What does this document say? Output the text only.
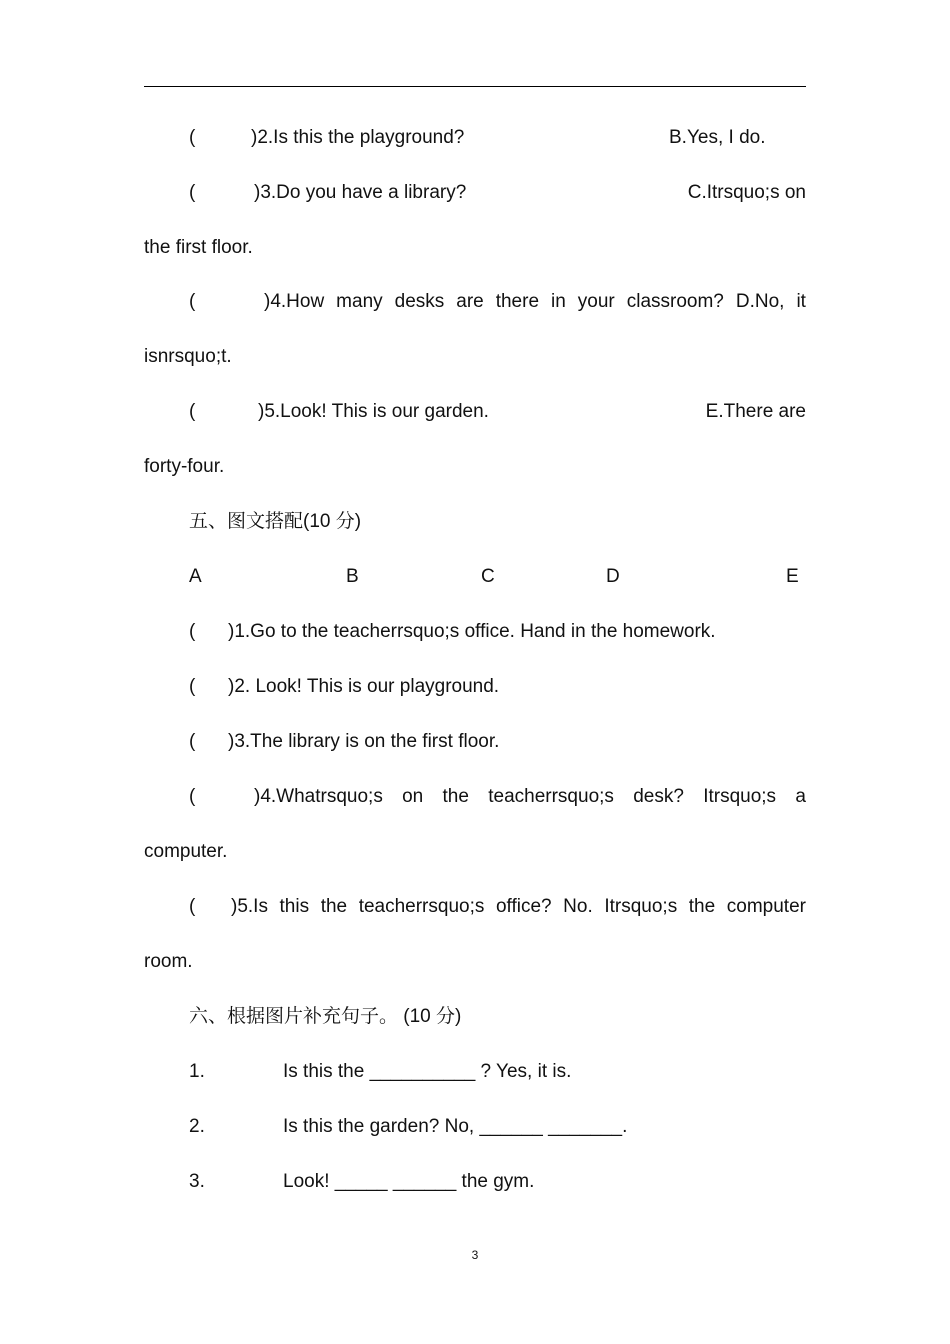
(	)2.Is this the playground?	B.Yes, I do.
(	)3.Do you have a library?	C.Itrsquo;s on
the first floor.
(	)4.How many desks are there in your classroom? D.No, it
isnrsquo;t.
(	)5.Look! This is our garden.	E.There are
forty-four.
五、图文搭配(10 分)
A	B	C	D	E
( )1.Go to the teacherrsquo;s office. Hand in the homework.
( )2. Look! This is our playground.
( )3.The library is on the first floor.
(	)4.Whatrsquo;s on the teacherrsquo;s desk? Itrsquo;s a
computer.
( )5.Is this the teacherrsquo;s office? No. Itrsquo;s the computer
room.
六、根据图片补充句子。 (10 分)
1.	Is this the __________ ? Yes, it is.
2.	Is this the garden? No, ______ _______.
3.	Look! _____ ______ the gym.
3
